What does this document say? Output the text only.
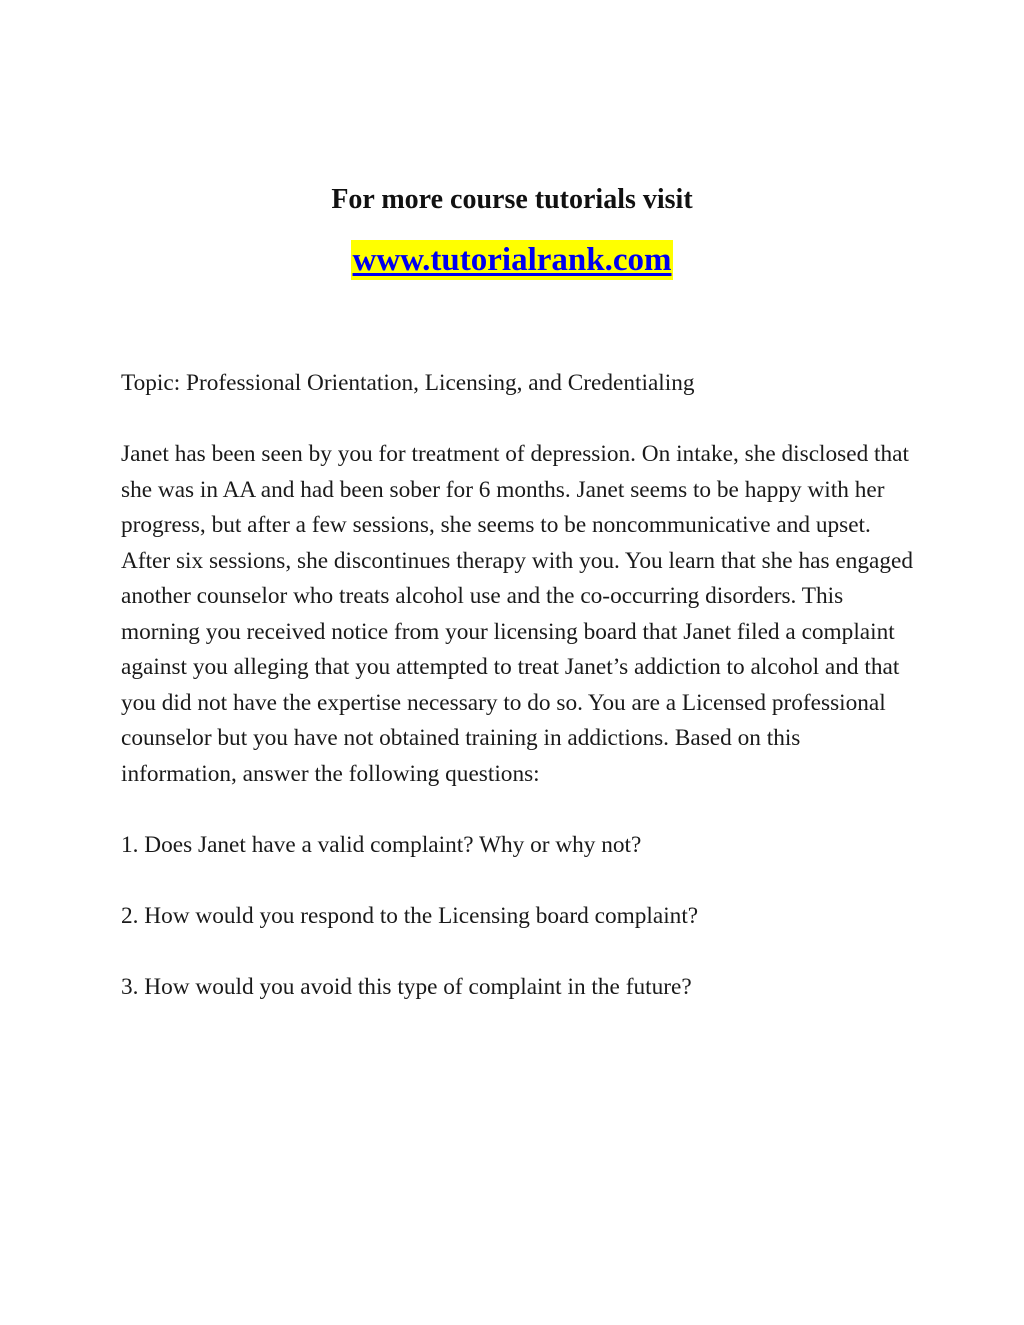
For more course tutorials visit
www.tutorialrank.com

Topic: Professional Orientation, Licensing, and Credentialing

Janet has been seen by you for treatment of depression. On intake, she disclosed that she was in AA and had been sober for 6 months. Janet seems to be happy with her progress, but after a few sessions, she seems to be noncommunicative and upset. After six sessions, she discontinues therapy with you. You learn that she has engaged another counselor who treats alcohol use and the co-occurring disorders. This morning you received notice from your licensing board that Janet filed a complaint against you alleging that you attempted to treat Janet’s addiction to alcohol and that you did not have the expertise necessary to do so. You are a Licensed professional counselor but you have not obtained training in addictions. Based on this information, answer the following questions:

1. Does Janet have a valid complaint? Why or why not?

2. How would you respond to the Licensing board complaint?

3. How would you avoid this type of complaint in the future?
